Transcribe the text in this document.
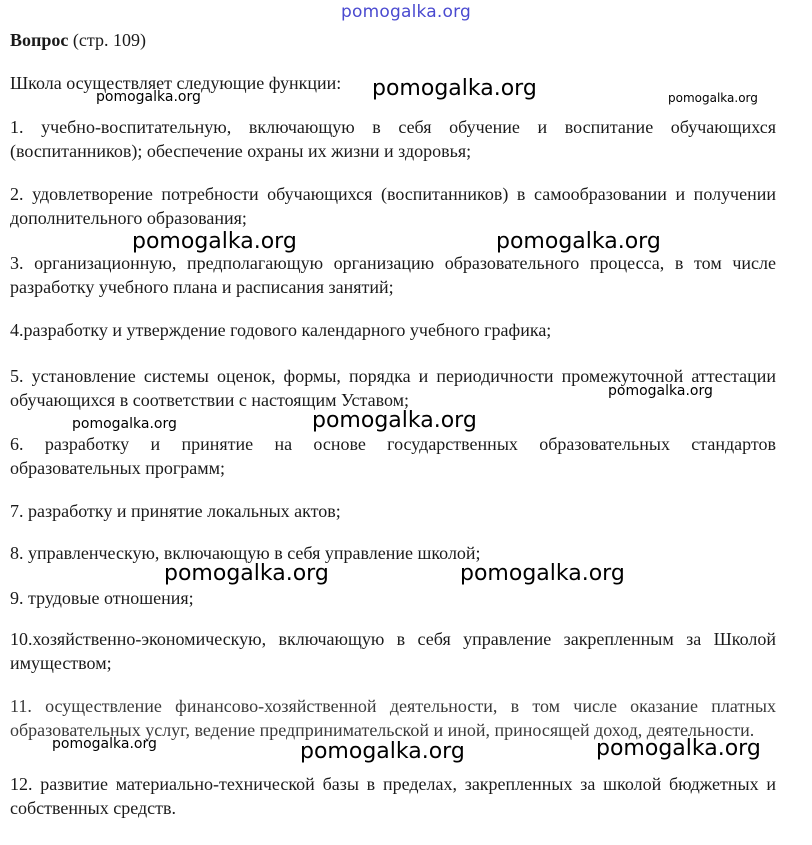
pomogalka.org

Вопрос (стр. 109)

Школа осуществляет следующие функции:

1. учебно-воспитательную, включающую в себя обучение и воспитание обучающихся (воспитанников); обеспечение охраны их жизни и здоровья;

2. удовлетворение потребности обучающихся (воспитанников) в самообразовании и получении дополнительного образования;

3. организационную, предполагающую организацию образовательного процесса, в том числе разработку учебного плана и расписания занятий;

4.разработку и утверждение годового календарного учебного графика;

5. установление системы оценок, формы, порядка и периодичности промежуточной аттестации обучающихся в соответствии с настоящим Уставом;

6. разработку и принятие на основе государственных образовательных стандартов образовательных программ;

7. разработку и принятие локальных актов;

8. управленческую, включающую в себя управление школой;

9. трудовые отношения;

10.хозяйственно-экономическую, включающую в себя управление закрепленным за Школой имуществом;

11. осуществление финансово-хозяйственной деятельности, в том числе оказание платных образовательных услуг, ведение предпринимательской и иной, приносящей доход, деятельности.

12. развитие материально-технической базы в пределах, закрепленных за школой бюджетных и собственных средств.

pomogalka.org
pomogalka.org	pomogalka.org
pomogalka.org	pomogalka.org
pomogalka.org
pomogalka.org
pomogalka.org
pomogalka.org	pomogalka.org
pomogalka.org	pomogalka.org	pomogalka.org
